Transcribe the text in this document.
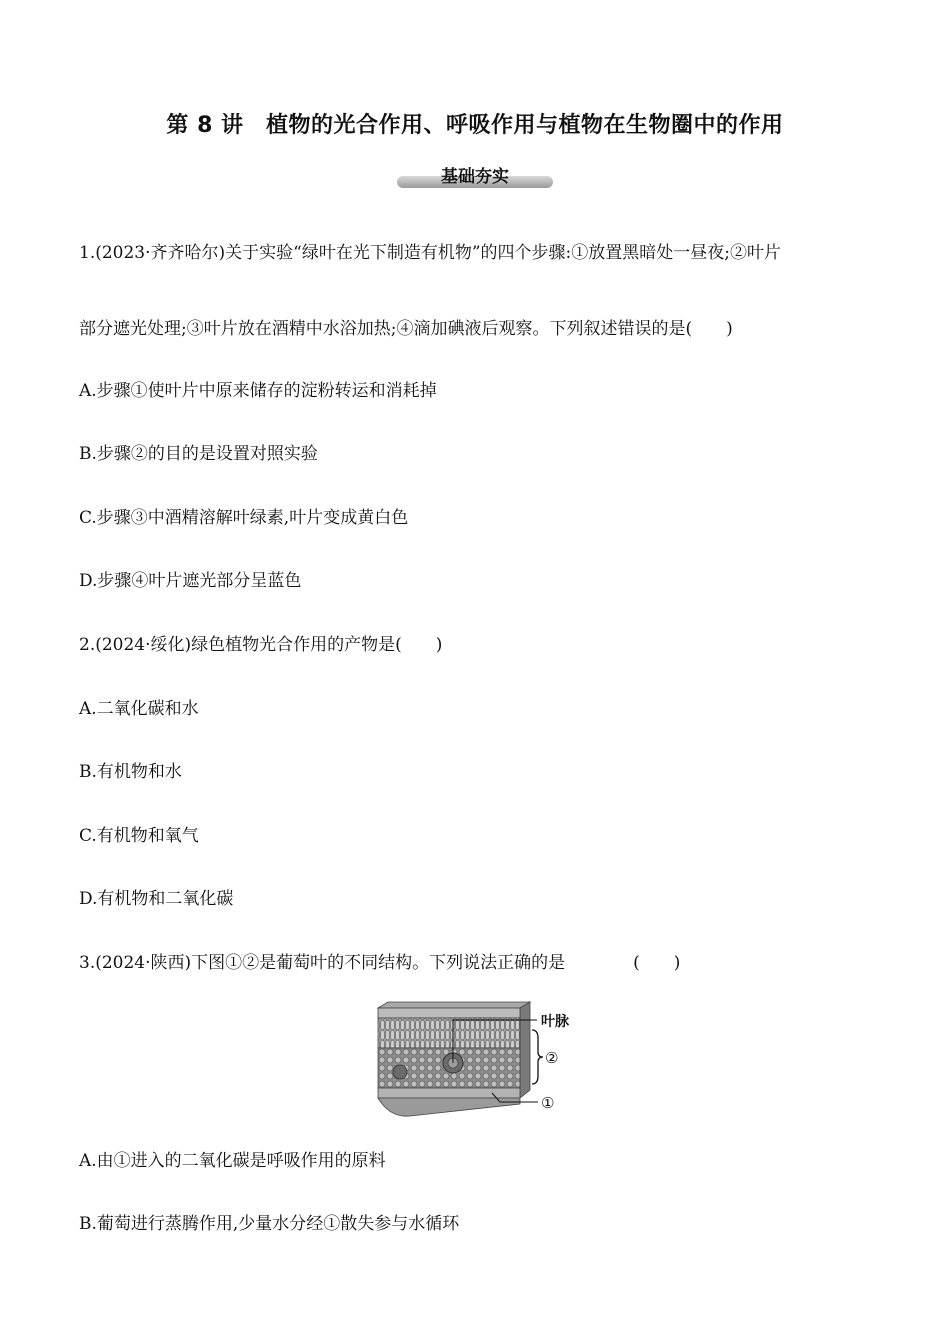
第 8 讲　植物的光合作用、呼吸作用与植物在生物圈中的作用
基础夯实
1.(2023·齐齐哈尔)关于实验“绿叶在光下制造有机物”的四个步骤:①放置黑暗处一昼夜;②叶片
部分遮光处理;③叶片放在酒精中水浴加热;④滴加碘液后观察。下列叙述错误的是(　　)
A.步骤①使叶片中原来储存的淀粉转运和消耗掉
B.步骤②的目的是设置对照实验
C.步骤③中酒精溶解叶绿素,叶片变成黄白色
D.步骤④叶片遮光部分呈蓝色
2.(2024·绥化)绿色植物光合作用的产物是(　　)
A.二氧化碳和水
B.有机物和水
C.有机物和氧气
D.有机物和二氧化碳
3.(2024·陕西)下图①②是葡萄叶的不同结构。下列说法正确的是　　　　(　　)
叶脉
②
①
A.由①进入的二氧化碳是呼吸作用的原料
B.葡萄进行蒸腾作用,少量水分经①散失参与水循环
